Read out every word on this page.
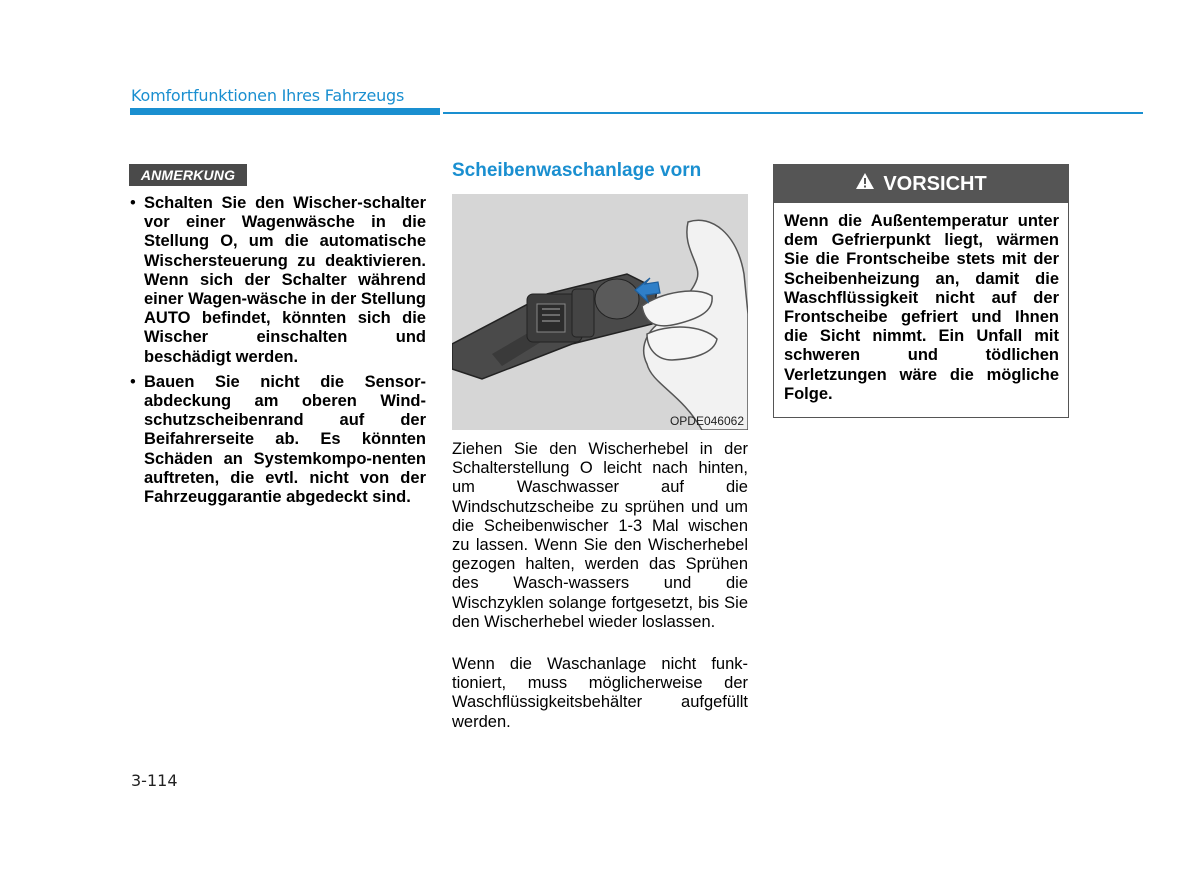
Komfortfunktionen Ihres Fahrzeugs
ANMERKUNG
• Schalten Sie den Wischer-schalter vor einer Wagenwäsche in die Stellung O, um die automatische Wischersteuerung zu deaktivieren. Wenn sich der Schalter während einer Wagen-wäsche in der Stellung AUTO befindet, könnten sich die Wischer einschalten und beschädigt werden.
• Bauen Sie nicht die Sensor-abdeckung am oberen Wind-schutzscheibenrand auf der Beifahrerseite ab. Es könnten Schäden an Systemkompo-nenten auftreten, die evtl. nicht von der Fahrzeuggarantie abgedeckt sind.
Scheibenwaschanlage vorn
OPDE046062

Ziehen Sie den Wischerhebel in der Schalterstellung O leicht nach hinten, um Waschwasser auf die Windschutzscheibe zu sprühen und um die Scheibenwischer 1-3 Mal wischen zu lassen. Wenn Sie den Wischerhebel gezogen halten, werden das Sprühen des Wasch-wassers und die Wischzyklen solange fortgesetzt, bis Sie den Wischerhebel wieder loslassen.

Wenn die Waschanlage nicht funk-tioniert, muss möglicherweise der Waschflüssigkeitsbehälter aufgefüllt werden.

VORSICHT
Wenn die Außentemperatur unter dem Gefrierpunkt liegt, wärmen Sie die Frontscheibe stets mit der Scheibenheizung an, damit die Waschflüssigkeit nicht auf der Frontscheibe gefriert und Ihnen die Sicht nimmt. Ein Unfall mit schweren und tödlichen Verletzungen wäre die mögliche Folge.
3-114
